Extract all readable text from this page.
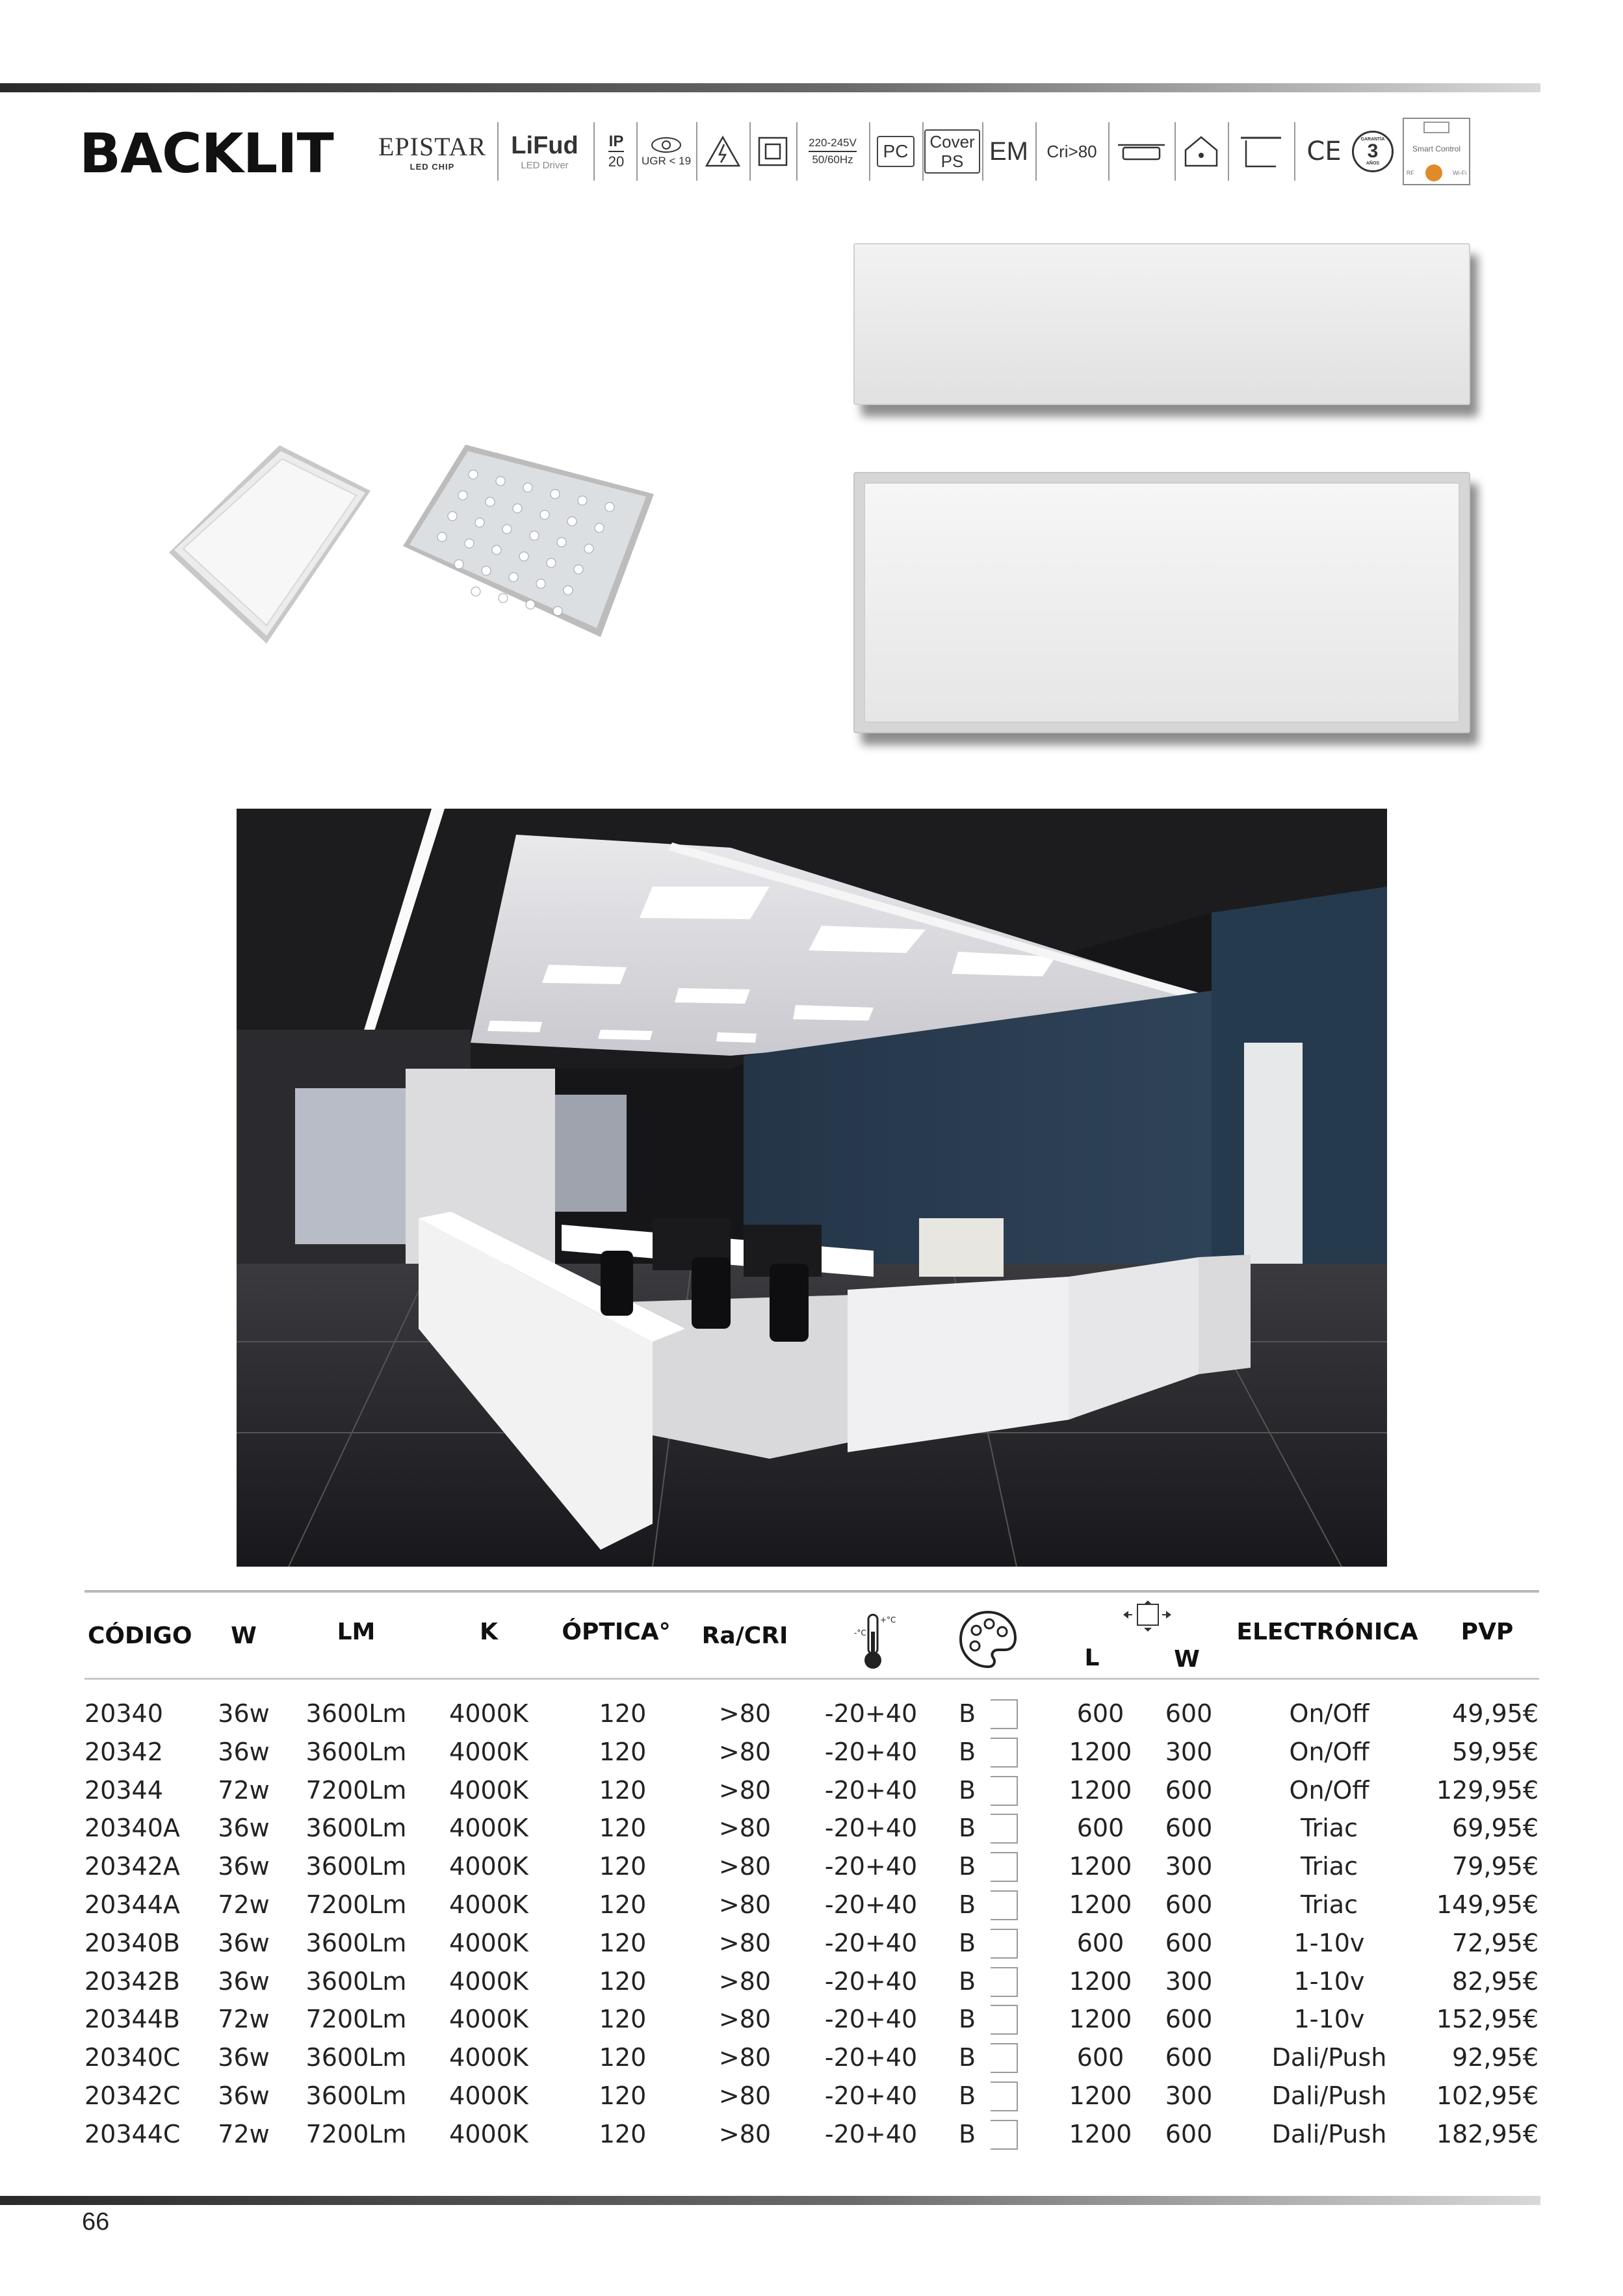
BACKLIT EPISTAR
LED CHIP
LiFud
LED Driver
IP
20 UGR < 19
220-245V
50/60Hz	PC	Cover
PS EM Cri>80	CE	GARANTÍA
3
AÑOS
Smart Control
RF	Wi-Fi
CÓDIGO W	LM	K	ÓPTICA° Ra/CRI	-°C
+°C
L	W
ELECTRÓNICA PVP
20340 36w 3600Lm 4000K	120	>80 -20+40 B	600 600	On/Off	49,95€
20342 36w 3600Lm 4000K	120	>80 -20+40 B	1200 300	On/Off	59,95€
20344 72w 7200Lm 4000K	120	>80 -20+40 B	1200 600	On/Off	129,95€
20340A 36w 3600Lm 4000K	120	>80 -20+40 B	600 600	Triac	69,95€
20342A 36w 3600Lm 4000K	120	>80 -20+40 B	1200 300	Triac	79,95€
20344A 72w 7200Lm 4000K	120	>80 -20+40 B	1200 600	Triac	149,95€
20340B 36w 3600Lm 4000K	120	>80 -20+40 B	600 600	1-10v	72,95€
20342B 36w 3600Lm 4000K	120	>80 -20+40 B	1200 300	1-10v	82,95€
20344B 72w 7200Lm 4000K	120	>80 -20+40 B	1200 600	1-10v	152,95€
20340C 36w 3600Lm 4000K	120	>80 -20+40 B	600 600 Dali/Push	92,95€
20342C 36w 3600Lm 4000K	120	>80 -20+40 B	1200 300 Dali/Push 102,95€
20344C 72w 7200Lm 4000K	120	>80 -20+40 B	1200 600 Dali/Push 182,95€
66
